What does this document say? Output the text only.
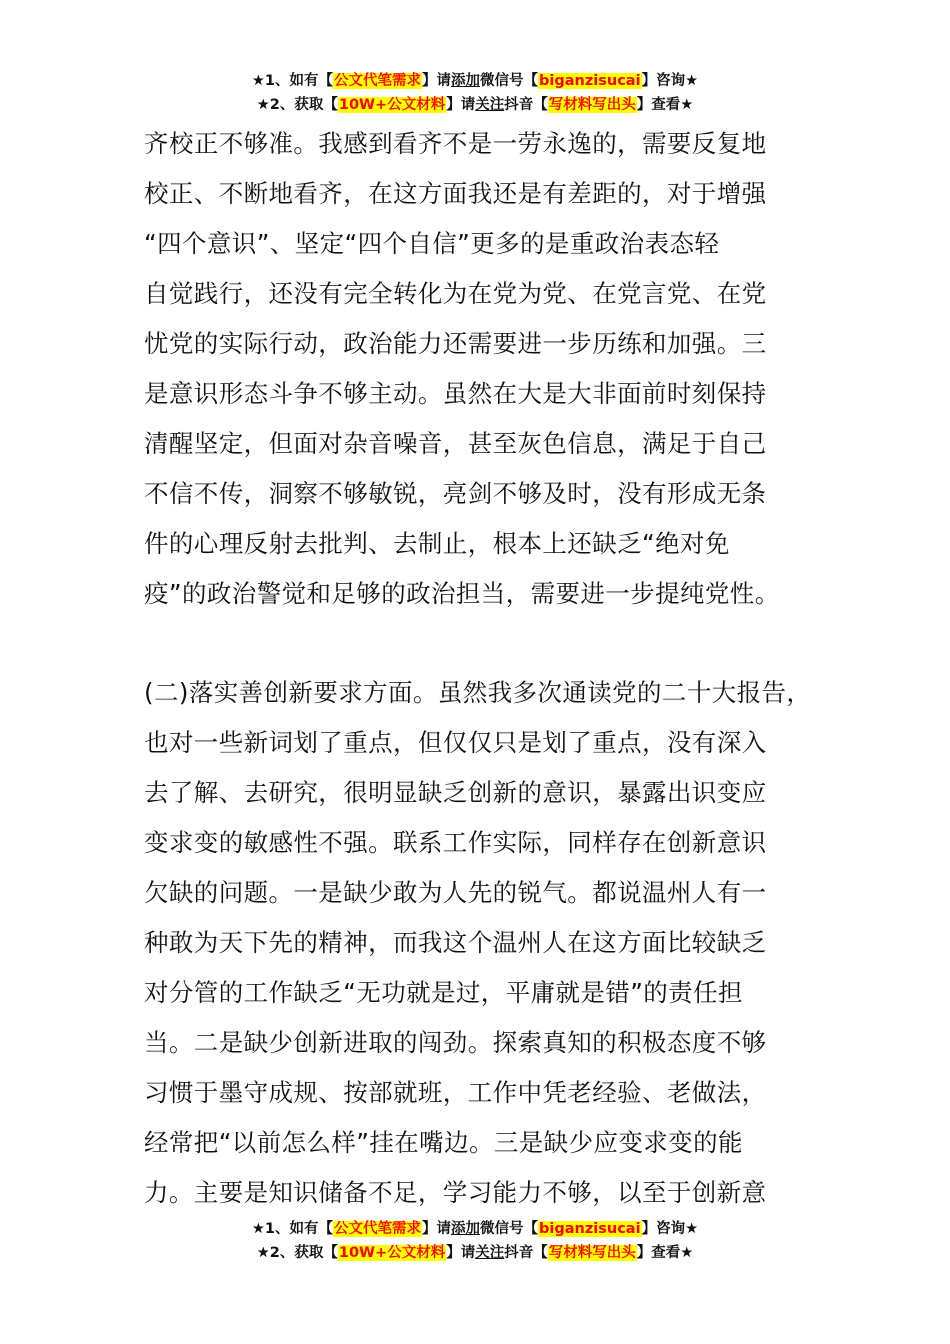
★1、如有【公文代笔需求】请添加微信号【biganzisucai】咨询★
★2、获取【10W+公文材料】请关注抖音【写材料写出头】查看★
齐校正不够准。我感到看齐不是一劳永逸的，需要反复地
校正、不断地看齐，在这方面我还是有差距的，对于增强
“四个意识”、坚定“四个自信”更多的是重政治表态轻
自觉践行，还没有完全转化为在党为党、在党言党、在党
忧党的实际行动，政治能力还需要进一步历练和加强。三
是意识形态斗争不够主动。虽然在大是大非面前时刻保持
清醒坚定，但面对杂音噪音，甚至灰色信息，满足于自己
不信不传，洞察不够敏锐，亮剑不够及时，没有形成无条
件的心理反射去批判、去制止，根本上还缺乏“绝对免
疫”的政治警觉和足够的政治担当，需要进一步提纯党性。
(二)落实善创新要求方面。虽然我多次通读党的二十大报告，
也对一些新词划了重点，但仅仅只是划了重点，没有深入
去了解、去研究，很明显缺乏创新的意识，暴露出识变应
变求变的敏感性不强。联系工作实际，同样存在创新意识
欠缺的问题。一是缺少敢为人先的锐气。都说温州人有一
种敢为天下先的精神，而我这个温州人在这方面比较缺乏
对分管的工作缺乏“无功就是过，平庸就是错”的责任担
当。二是缺少创新进取的闯劲。探索真知的积极态度不够
习惯于墨守成规、按部就班，工作中凭老经验、老做法，
经常把“以前怎么样”挂在嘴边。三是缺少应变求变的能
力。主要是知识储备不足，学习能力不够，以至于创新意
★1、如有【公文代笔需求】请添加微信号【biganzisucai】咨询★
★2、获取【10W+公文材料】请关注抖音【写材料写出头】查看★
